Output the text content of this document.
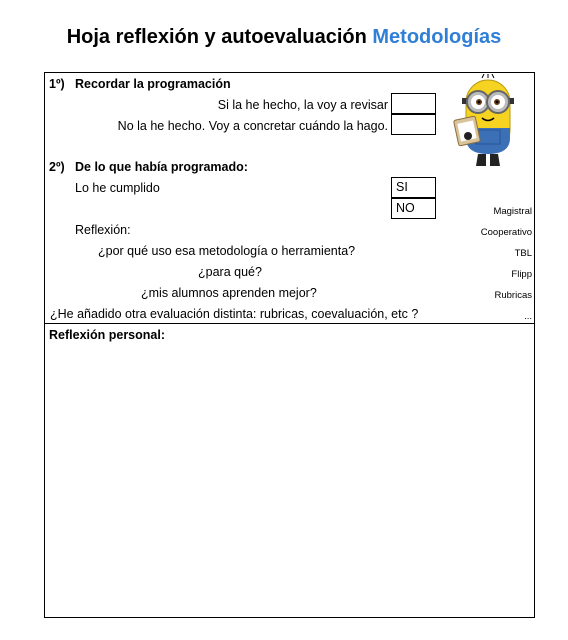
Hoja reflexión y autoevaluación Metodologías
1º) Recordar la programación
Si la he hecho, la voy a revisar
No la he hecho. Voy a concretar cuándo la hago.
2º) De lo que había programado:
Lo he cumplido	SI
NO
Reflexión:
¿por qué uso esa metodología o herramienta?
¿para qué?
¿mis alumnos aprenden mejor?
¿He añadido otra evaluación distinta: rubricas, coevaluación, etc ?
Magistral
Cooperativo
TBL
Flipp
Rubricas
...
Reflexión personal:
